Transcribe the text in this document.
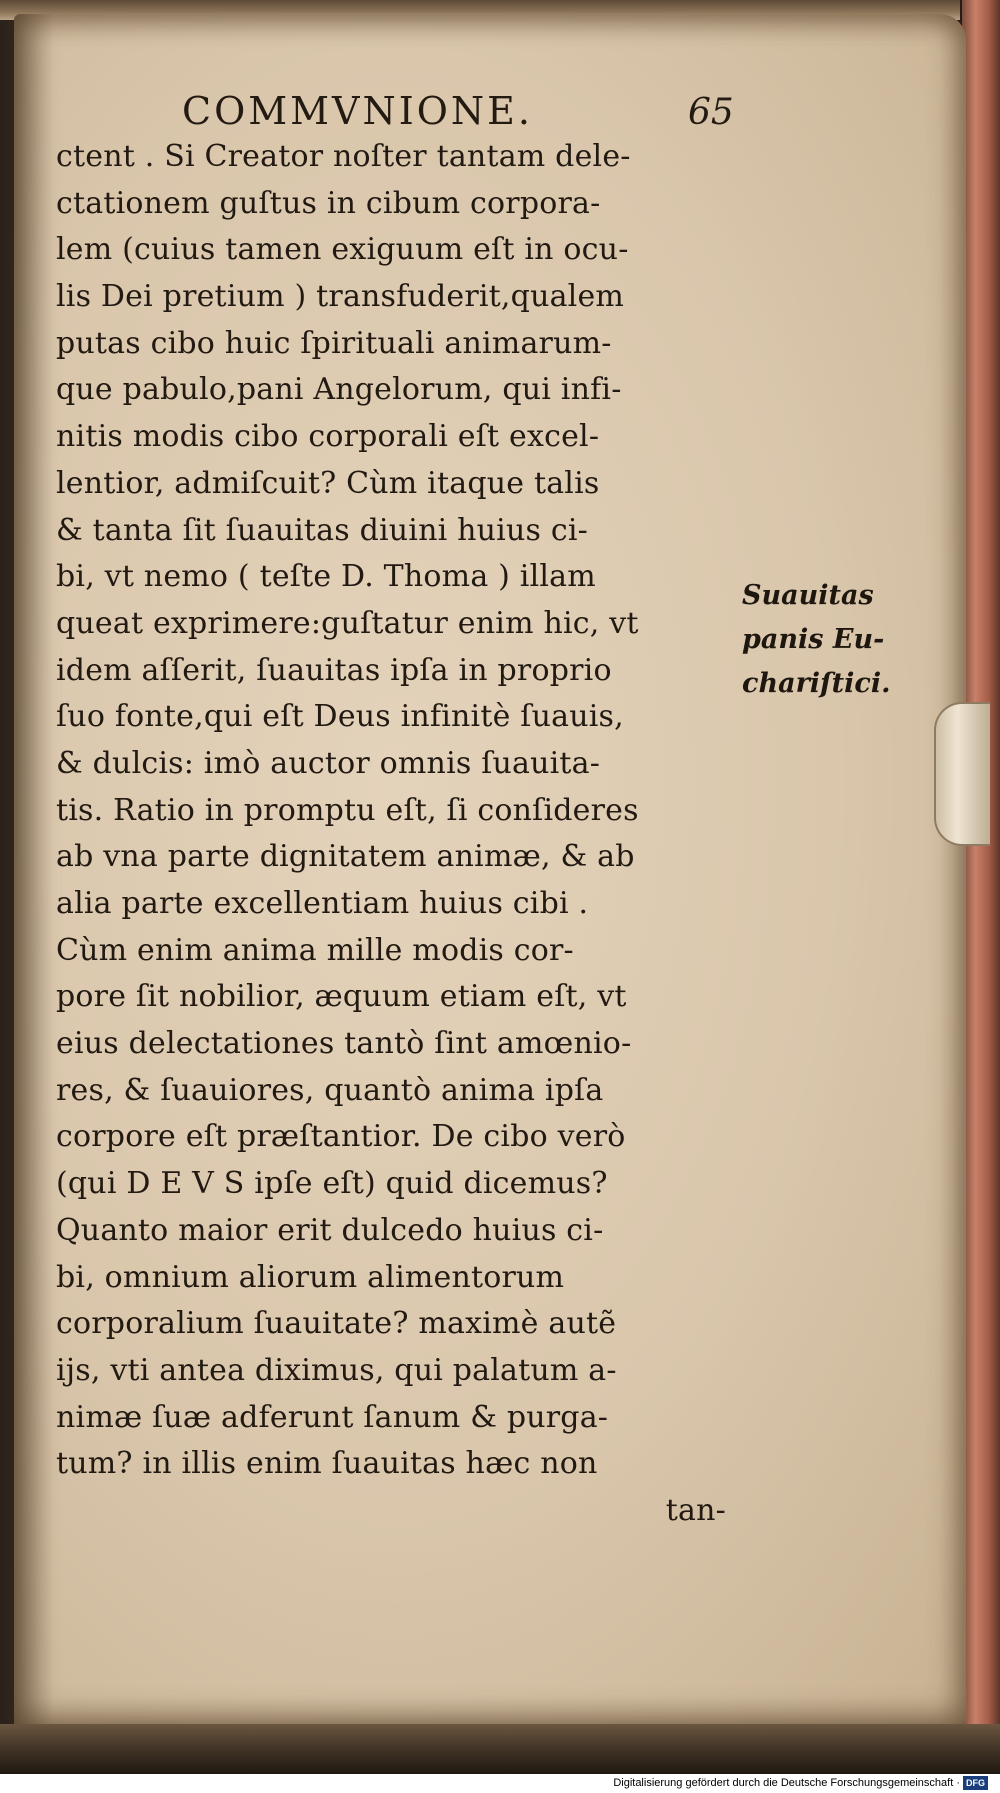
COMMVNIONE.	65
ctent . Si Creator noſter tantam dele-
ctationem guſtus in cibum corpora-
lem (cuius tamen exiguum eſt in ocu-
lis Dei pretium ) transfuderit,qualem
putas cibo huic ſpirituali animarum-
que pabulo,pani Angelorum, qui infi-
nitis modis cibo corporali eſt excel-
lentior, admiſcuit? Cùm itaque talis
& tanta ſit ſuauitas diuini huius ci-
bi, vt nemo ( teſte D. Thoma ) illam
queat exprimere:guſtatur enim hic, vt
idem aſſerit, ſuauitas ipſa in proprio
ſuo fonte,qui eſt Deus infinitè ſuauis,
& dulcis: imò auctor omnis ſuauita-
tis. Ratio in promptu eſt, ſi conſideres
ab vna parte dignitatem animæ, & ab
alia parte excellentiam huius cibi .
Cùm enim anima mille modis cor-
pore ſit nobilior, æquum etiam eſt, vt
eius delectationes tantò ſint amœnio-
res, & ſuauiores, quantò anima ipſa
corpore eſt præſtantior. De cibo verò
(qui D E V S ipſe eſt) quid dicemus?
Quanto maior erit dulcedo huius ci-
bi, omnium aliorum alimentorum
corporalium ſuauitate? maximè autẽ
ijs, vti antea diximus, qui palatum a-
nimæ ſuæ adferunt ſanum & purga-
tum? in illis enim ſuauitas hæc non
tan-
Suauitas
panis Eu-
chariſtici.
Digitalisierung gefördert durch die Deutsche Forschungsgemeinschaft · DFG
